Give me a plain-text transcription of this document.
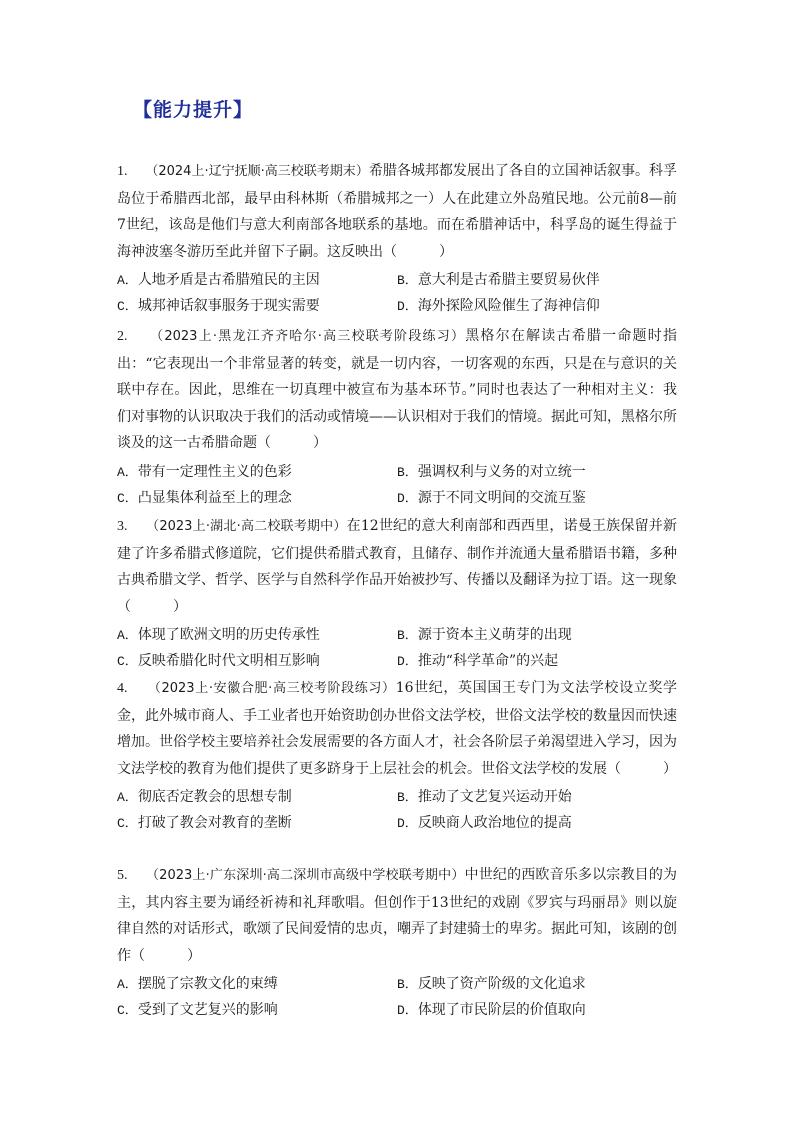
【能力提升】

1. （2024上·辽宁抚顺·高三校联考期末）希腊各城邦都发展出了各自的立国神话叙事。科孚岛位于希腊西北部，最早由科林斯（希腊城邦之一）人在此建立外岛殖民地。公元前8—前7世纪，该岛是他们与意大利南部各地联系的基地。而在希腊神话中，科孚岛的诞生得益于海神波塞冬游历至此并留下子嗣。这反映出（　　　）

A．人地矛盾是古希腊殖民的主因	B．意大利是古希腊主要贸易伙伴
C．城邦神话叙事服务于现实需要	D．海外探险风险催生了海神信仰

2. （2023上·黑龙江齐齐哈尔·高三校联考阶段练习）黑格尔在解读古希腊一命题时指出：“它表现出一个非常显著的转变，就是一切内容，一切客观的东西，只是在与意识的关联中存在。因此，思维在一切真理中被宣布为基本环节。”同时也表达了一种相对主义：我们对事物的认识取决于我们的活动或情境——认识相对于我们的情境。据此可知，黑格尔所谈及的这一古希腊命题（　　　）

A．带有一定理性主义的色彩	B．强调权利与义务的对立统一
C．凸显集体利益至上的理念	D．源于不同文明间的交流互鉴

3. （2023上·湖北·高二校联考期中）在12世纪的意大利南部和西西里，诺曼王族保留并新建了许多希腊式修道院，它们提供希腊式教育，且储存、制作并流通大量希腊语书籍，多种古典希腊文学、哲学、医学与自然科学作品开始被抄写、传播以及翻译为拉丁语。这一现象（　　　）

A．体现了欧洲文明的历史传承性	B．源于资本主义萌芽的出现
C．反映希腊化时代文明相互影响	D．推动“科学革命”的兴起

4. （2023上·安徽合肥·高三校考阶段练习）16世纪，英国国王专门为文法学校设立奖学金，此外城市商人、手工业者也开始资助创办世俗文法学校，世俗文法学校的数量因而快速增加。世俗学校主要培养社会发展需要的各方面人才，社会各阶层子弟渴望进入学习，因为文法学校的教育为他们提供了更多跻身于上层社会的机会。世俗文法学校的发展（　　　）

A．彻底否定教会的思想专制	B．推动了文艺复兴运动开始
C．打破了教会对教育的垄断	D．反映商人政治地位的提高

5. （2023上·广东深圳·高二深圳市高级中学校联考期中）中世纪的西欧音乐多以宗教目的为主，其内容主要为诵经祈祷和礼拜歌唱。但创作于13世纪的戏剧《罗宾与玛丽昂》则以旋律自然的对话形式，歌颂了民间爱情的忠贞，嘲弄了封建骑士的卑劣。据此可知，该剧的创作（　　　）

A．摆脱了宗教文化的束缚	B．反映了资产阶级的文化追求
C．受到了文艺复兴的影响	D．体现了市民阶层的价值取向
